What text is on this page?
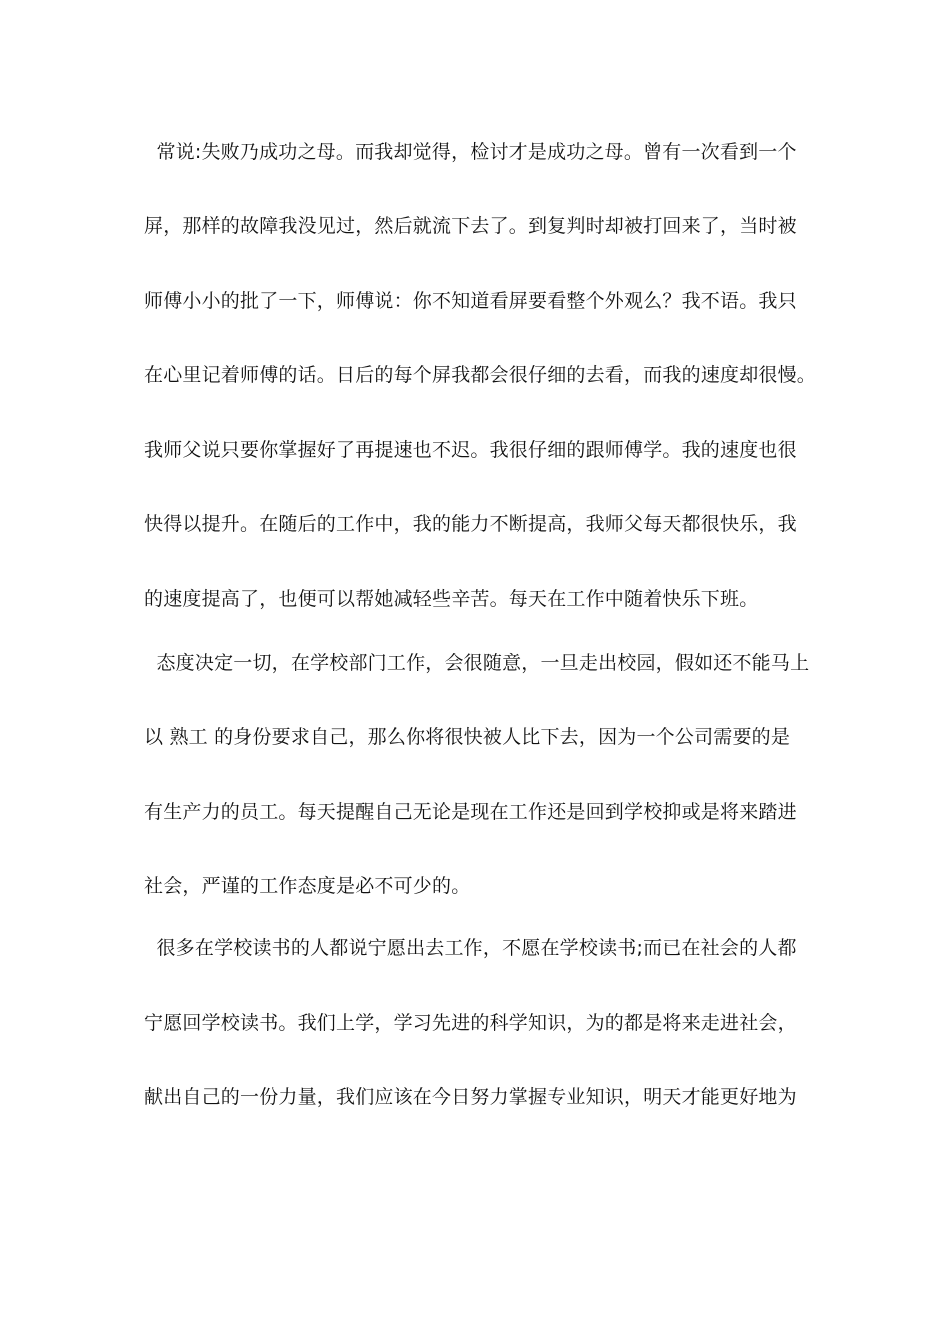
常说:失败乃成功之母。而我却觉得，检讨才是成功之母。曾有一次看到一个
屏，那样的故障我没见过，然后就流下去了。到复判时却被打回来了，当时被
师傅小小的批了一下，师傅说：你不知道看屏要看整个外观么？我不语。我只
在心里记着师傅的话。日后的每个屏我都会很仔细的去看，而我的速度却很慢。
我师父说只要你掌握好了再提速也不迟。我很仔细的跟师傅学。我的速度也很
快得以提升。在随后的工作中，我的能力不断提高，我师父每天都很快乐，我
的速度提高了，也便可以帮她减轻些辛苦。每天在工作中随着快乐下班。
态度决定一切，在学校部门工作，会很随意，一旦走出校园，假如还不能马上
以 熟工 的身份要求自己，那么你将很快被人比下去，因为一个公司需要的是
有生产力的员工。每天提醒自己无论是现在工作还是回到学校抑或是将来踏进
社会，严谨的工作态度是必不可少的。
很多在学校读书的人都说宁愿出去工作，不愿在学校读书;而已在社会的人都
宁愿回学校读书。我们上学，学习先进的科学知识，为的都是将来走进社会，
献出自己的一份力量，我们应该在今日努力掌握专业知识，明天才能更好地为
